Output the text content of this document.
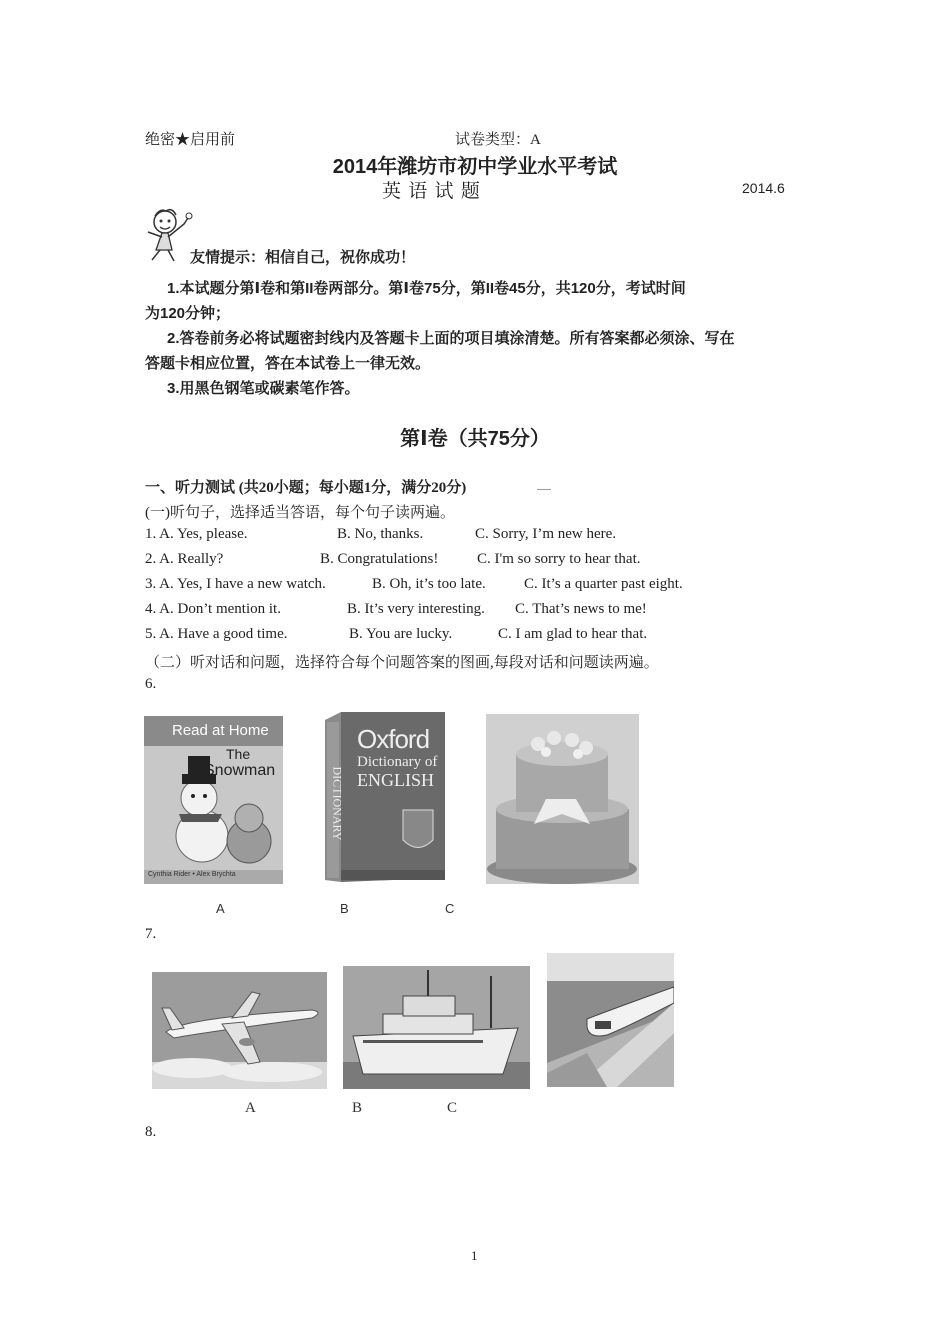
绝密★启用前	试卷类型：A
2014年潍坊市初中学业水平考试
英 语 试 题	2014.6
友情提示：相信自己，祝你成功！
1.本试题分第Ⅰ卷和第II卷两部分。第Ⅰ卷75分，第II卷45分，共120分，考试时间
为120分钟；
2.答卷前务必将试题密封线内及答题卡上面的项目填涂清楚。所有答案都必须涂、写在
答题卡相应位置，答在本试卷上一律无效。
3.用黑色钢笔或碳素笔作答。
第Ⅰ卷（共75分）
一、听力测试 (共20小题；每小题1分，满分20分)
(一)听句子，选择适当答语，每个句子读两遍。
1. A. Yes, please.	B. No, thanks.	C. Sorry, I’m new here.
2. A. Really?	B. Congratulations!	C. I'm so sorry to hear that.
3. A. Yes, I have a new watch.	B. Oh, it’s too late.	C. It’s a quarter past eight.
4. A. Don’t mention it.	B. It’s very interesting. C. That’s news to me!
5. A. Have a good time.	B. You are lucky.	C. I am glad to hear that.
（二）听对话和问题，选择符合每个问题答案的图画,每段对话和问题读两遍。
6.
Read at Home
The
Snowman
Cynthia Rider • Alex Brychta
Oxford
Dictionary of
ENGLISH
DICTIONARY
A	B	C
7.
A	B	C
8.
1
